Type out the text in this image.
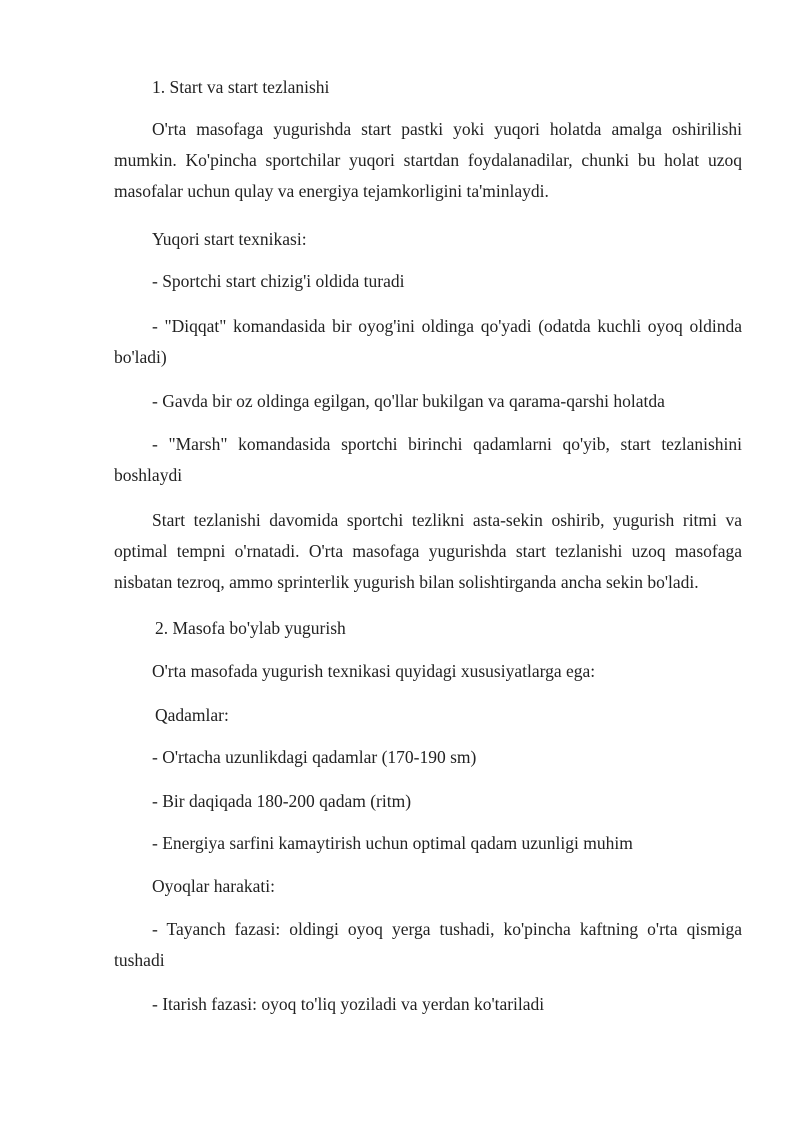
1. Start va start tezlanishi

O'rta masofaga yugurishda start pastki yoki yuqori holatda amalga oshirilishi mumkin. Ko'pincha sportchilar yuqori startdan foydalanadilar, chunki bu holat uzoq masofalar uchun qulay va energiya tejamkorligini ta'minlaydi.

Yuqori start texnikasi:

- Sportchi start chizig'i oldida turadi

- "Diqqat" komandasida bir oyog'ini oldinga qo'yadi (odatda kuchli oyoq oldinda bo'ladi)

- Gavda bir oz oldinga egilgan, qo'llar bukilgan va qarama-qarshi holatda

- "Marsh" komandasida sportchi birinchi qadamlarni qo'yib, start tezlanishini boshlaydi

Start tezlanishi davomida sportchi tezlikni asta-sekin oshirib, yugurish ritmi va optimal tempni o'rnatadi. O'rta masofaga yugurishda start tezlanishi uzoq masofaga nisbatan tezroq, ammo sprinterlik yugurish bilan solishtirganda ancha sekin bo'ladi.

2. Masofa bo'ylab yugurish

O'rta masofada yugurish texnikasi quyidagi xususiyatlarga ega:

Qadamlar:

- O'rtacha uzunlikdagi qadamlar (170-190 sm)

- Bir daqiqada 180-200 qadam (ritm)

- Energiya sarfini kamaytirish uchun optimal qadam uzunligi muhim

Oyoqlar harakati:

- Tayanch fazasi: oldingi oyoq yerga tushadi, ko'pincha kaftning o'rta qismiga tushadi

- Itarish fazasi: oyoq to'liq yoziladi va yerdan ko'tariladi
